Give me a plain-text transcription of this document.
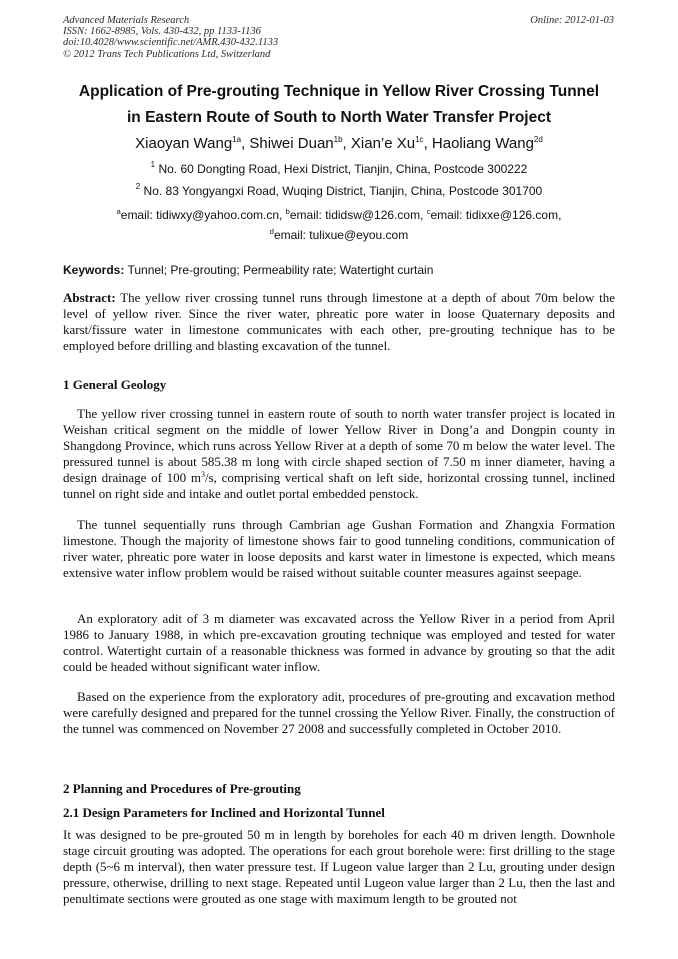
Advanced Materials Research
ISSN: 1662-8985, Vols. 430-432, pp 1133-1136
doi:10.4028/www.scientific.net/AMR.430-432.1133
© 2012 Trans Tech Publications Ltd, Switzerland
Online: 2012-01-03
Application of Pre-grouting Technique in Yellow River Crossing Tunnel
in Eastern Route of South to North Water Transfer Project
Xiaoyan Wang$^{1a}$, Shiwei Duan$^{1b}$, Xian’e $Xu^{1c}$, Haoliang Wang$^{2d}$
$^1$ No. 60 Dongting Road, Hexi District, Tianjin, China, Postcode 300222
$^2$ No. 83 Yongyangxi Road, Wuqing District, Tianjin, China, Postcode 301700
$^a$email: tidiwxy@yahoo.com.cn, $^b$email: tididsw@126.com, $^c$email: tidixxe@126.com,
$^d$email: tulixue@eyou.com
Keywords: Tunnel; Pre-grouting; Permeability rate; Watertight curtain
Abstract: The yellow river crossing tunnel runs through limestone at a depth of about 70m below the level of yellow river. Since the river water, phreatic pore water in loose Quaternary deposits and karst/fissure water in limestone communicates with each other, pre-grouting technique has to be employed before drilling and blasting excavation of the tunnel.
1 General Geology
The yellow river crossing tunnel in eastern route of south to north water transfer project is located in Weishan critical segment on the middle of lower Yellow River in Dong’a and Dongpin county in Shangdong Province, which runs across Yellow River at a depth of some 70 m below the water level. The pressured tunnel is about 585.38 m long with circle shaped section of 7.50 m inner diameter, having a design drainage of 100 $m^3/s$, comprising vertical shaft on left side, horizontal crossing tunnel, inclined tunnel on right side and intake and outlet portal embedded penstock.
The tunnel sequentially runs through Cambrian age Gushan Formation and Zhangxia Formation limestone. Though the majority of limestone shows fair to good tunneling conditions, communication of river water, phreatic pore water in loose deposits and karst water in limestone is expected, which means extensive water inflow problem would be raised without suitable counter measures against seepage.
An exploratory adit of 3 m diameter was excavated across the Yellow River in a period from April 1986 to January 1988, in which pre-excavation grouting technique was employed and tested for water control. Watertight curtain of a reasonable thickness was formed in advance by grouting so that the adit could be headed without significant water inflow.
Based on the experience from the exploratory adit, procedures of pre-grouting and excavation method were carefully designed and prepared for the tunnel crossing the Yellow River. Finally, the construction of the tunnel was commenced on November 27 2008 and successfully completed in October 2010.
2 Planning and Procedures of Pre-grouting
2.1 Design Parameters for Inclined and Horizontal Tunnel
It was designed to be pre-grouted 50 m in length by boreholes for each 40 m driven length. Downhole stage circuit grouting was adopted. The operations for each grout borehole were: first drilling to the stage depth (5~6 m interval), then water pressure test. If Lugeon value larger than 2 Lu, grouting under design pressure, otherwise, drilling to next stage. Repeated until Lugeon value larger than 2 Lu, then the last and penultimate sections were grouted as one stage with maximum length to be grouted not
